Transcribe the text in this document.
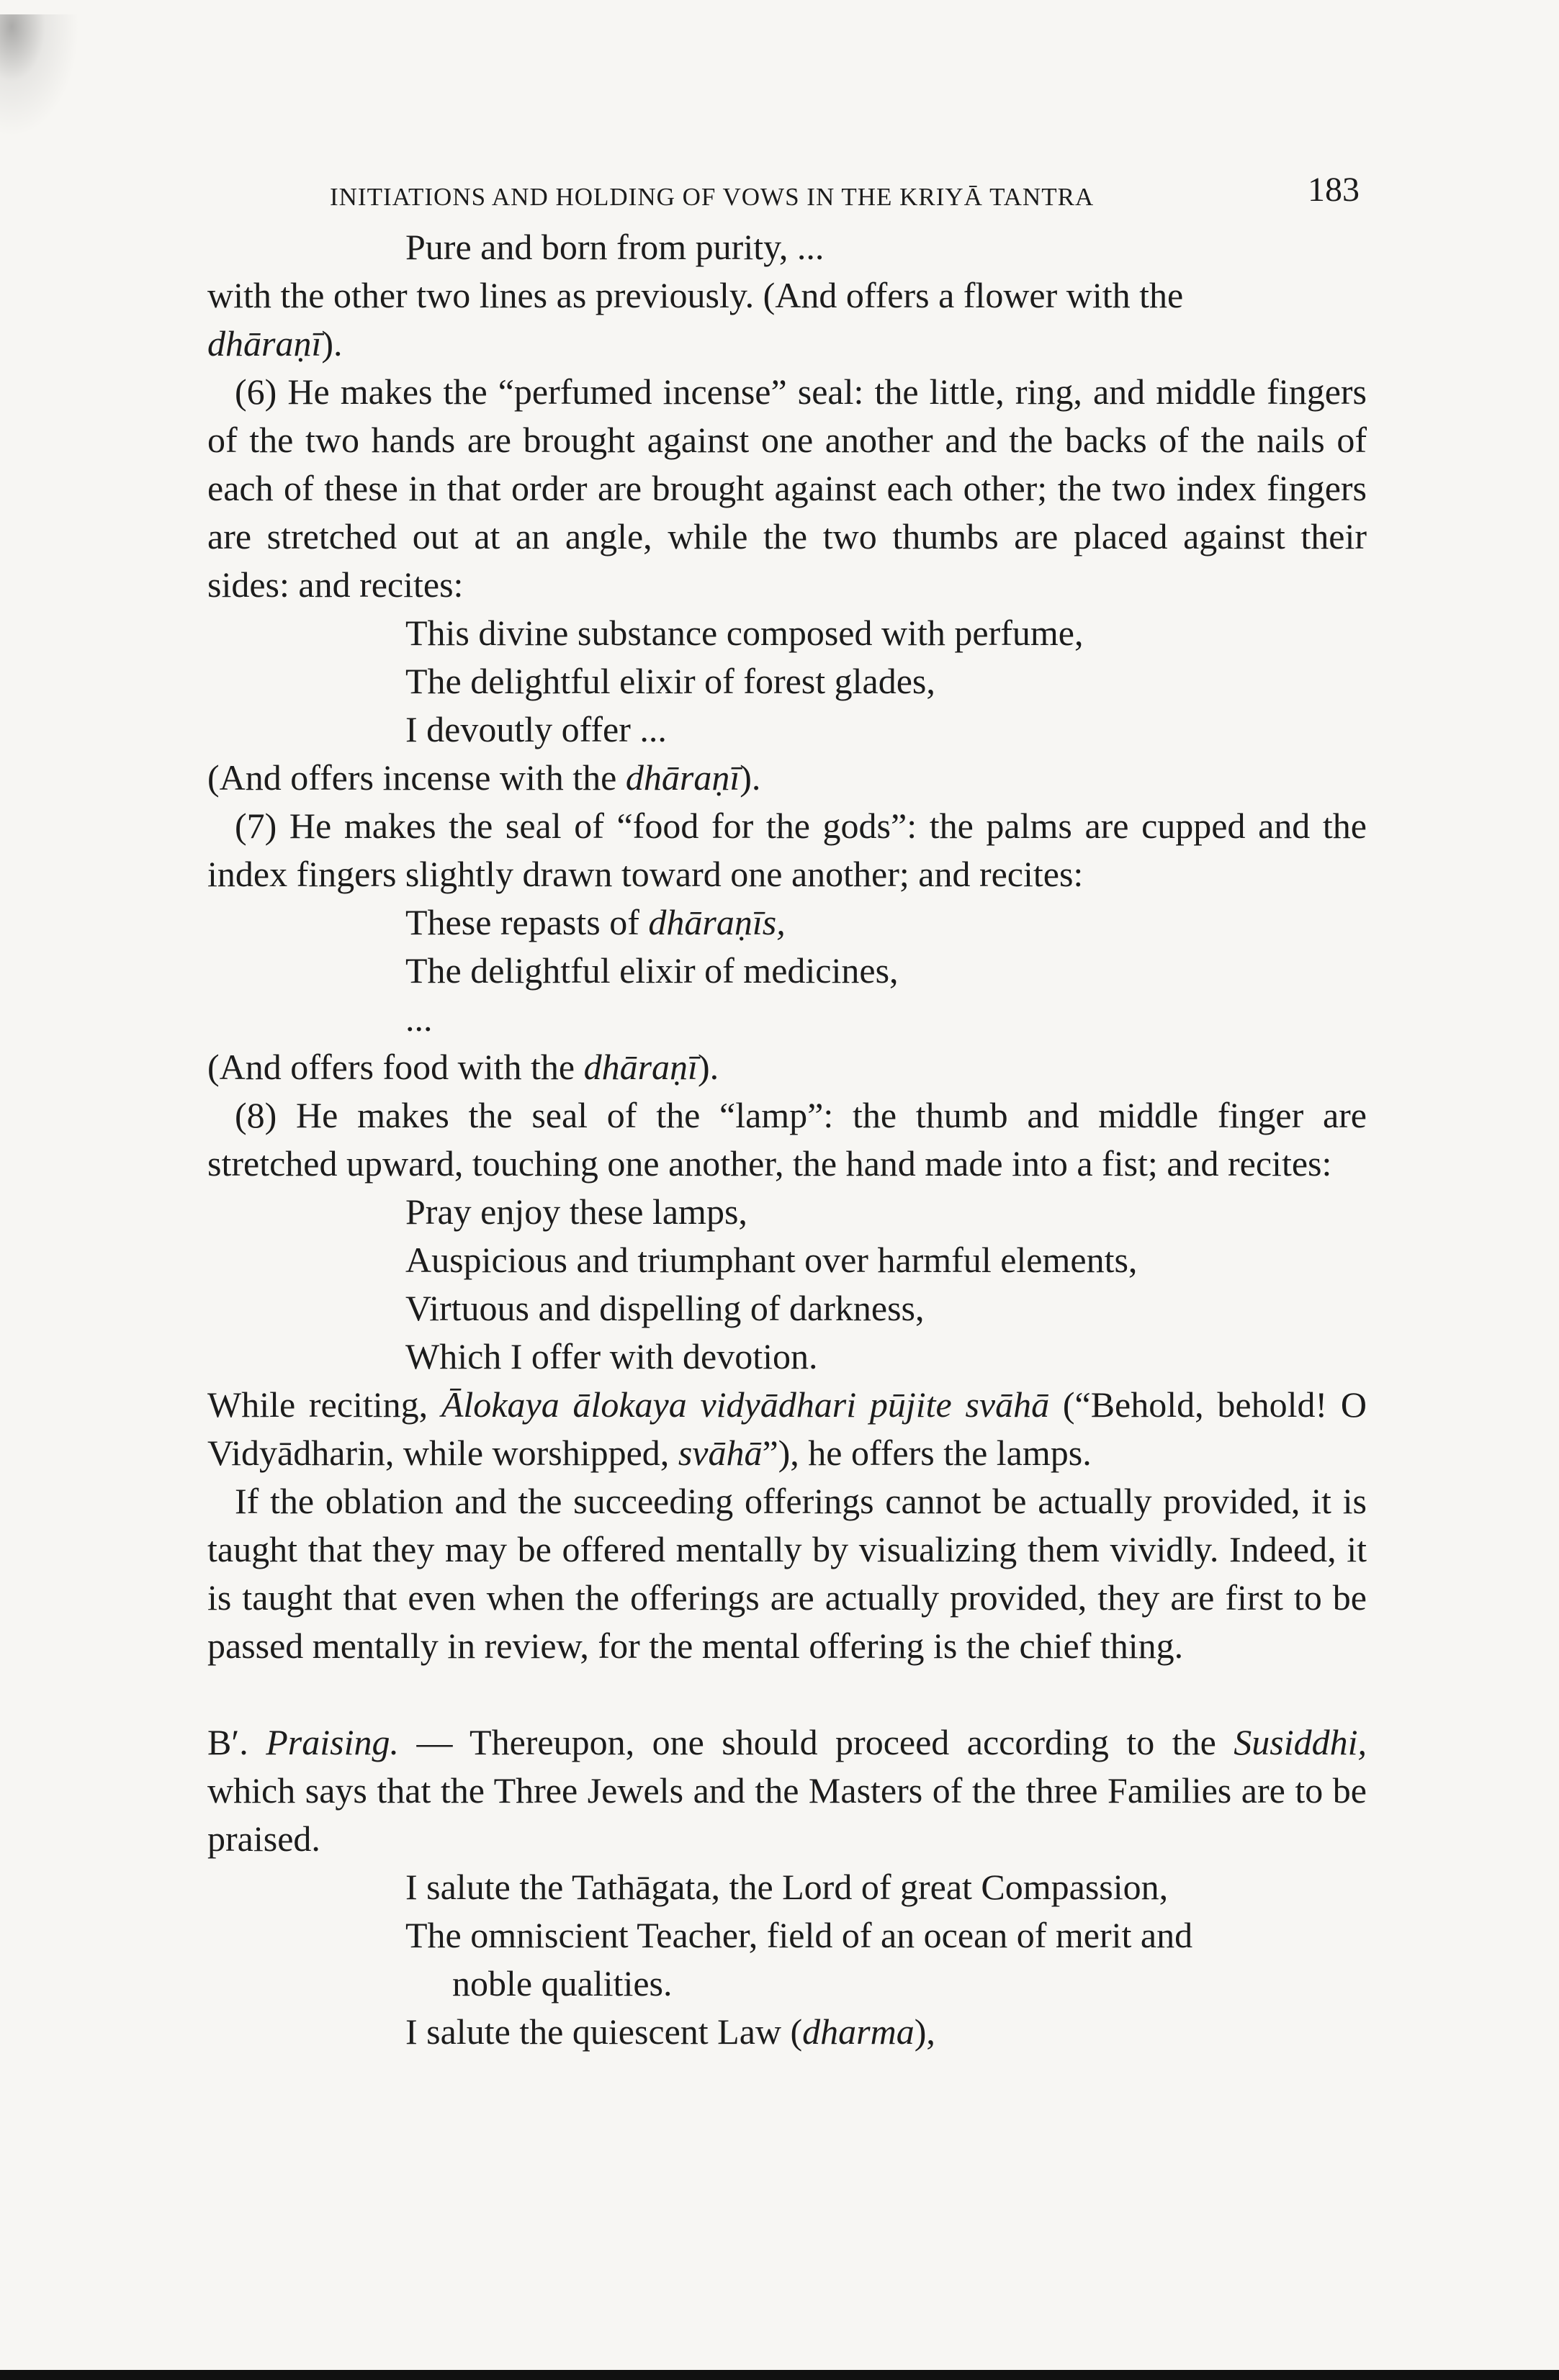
INITIATIONS AND HOLDING OF VOWS IN THE KRIYĀ TANTRA	183

Pure and born from purity, ...

with the other two lines as previously. (And offers a flower with the
dhāraṇī).

(6) He makes the “perfumed incense” seal: the little, ring, and middle fingers of the two hands are brought against one another and the backs of the nails of each of these in that order are brought against each other; the two index fingers are stretched out at an angle, while the two thumbs are placed against their sides: and recites:

This divine substance composed with perfume,

The delightful elixir of forest glades,

I devoutly offer ...

(And offers incense with the dhāraṇī).

(7) He makes the seal of “food for the gods”: the palms are cupped and the index fingers slightly drawn toward one another; and recites:

These repasts of dhāraṇīs,

The delightful elixir of medicines,

...

(And offers food with the dhāraṇī).

(8) He makes the seal of the “lamp”: the thumb and middle finger are stretched upward, touching one another, the hand made into a fist; and recites:

Pray enjoy these lamps,

Auspicious and triumphant over harmful elements,

Virtuous and dispelling of darkness,

Which I offer with devotion.

While reciting, Ālokaya ālokaya vidyādhari pūjite svāhā (“Behold, behold! O Vidyādharin, while worshipped, svāhā”), he offers the lamps.

If the oblation and the succeeding offerings cannot be actually provided, it is taught that they may be offered mentally by visualizing them vividly. Indeed, it is taught that even when the offerings are actually provided, they are first to be passed mentally in review, for the mental offering is the chief thing.

B′. Praising. — Thereupon, one should proceed according to the Susiddhi, which says that the Three Jewels and the Masters of the three Families are to be praised.

I salute the Tathāgata, the Lord of great Compassion,

The omniscient Teacher, field of an ocean of merit and

noble qualities.

I salute the quiescent Law (dharma),
